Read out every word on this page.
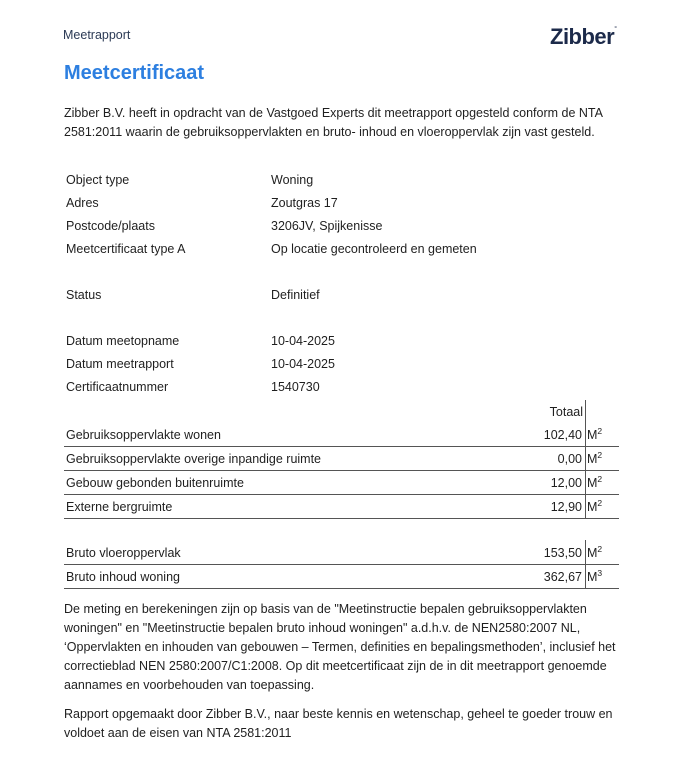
Meetrapport	Zibber°
Meetcertificaat
Zibber B.V. heeft in opdracht van de Vastgoed Experts dit meetrapport opgesteld conform de NTA 2581:2011 waarin de gebruiksoppervlakten en bruto- inhoud en vloeroppervlak zijn vast gesteld.
Object type	Woning
Adres	Zoutgras 17
Postcode/plaats	3206JV, Spijkenisse
Meetcertificaat type A	Op locatie gecontroleerd en gemeten
Status	Definitief
Datum meetopname	10-04-2025
Datum meetrapport	10-04-2025
Certificaatnummer	1540730
Totaal
Gebruiksoppervlakte wonen	102,40 $M^2$
Gebruiksoppervlakte overige inpandige ruimte	0,00 $M^2$
Gebouw gebonden buitenruimte	12,00 $M^2$
Externe bergruimte	12,90 $M^2$
Bruto vloeroppervlak	153,50 $M^2$
Bruto inhoud woning	362,67 $M^3$
De meting en berekeningen zijn op basis van de "Meetinstructie bepalen gebruiksoppervlakten woningen" en "Meetinstructie bepalen bruto inhoud woningen" a.d.h.v. de NEN2580:2007 NL, ‘Oppervlakten en inhouden van gebouwen – Termen, definities en bepalingsmethoden’, inclusief het correctieblad NEN 2580:2007/C1:2008. Op dit meetcertificaat zijn de in dit meetrapport genoemde aannames en voorbehouden van toepassing.
Rapport opgemaakt door Zibber B.V., naar beste kennis en wetenschap, geheel te goeder trouw en voldoet aan de eisen van NTA 2581:2011
